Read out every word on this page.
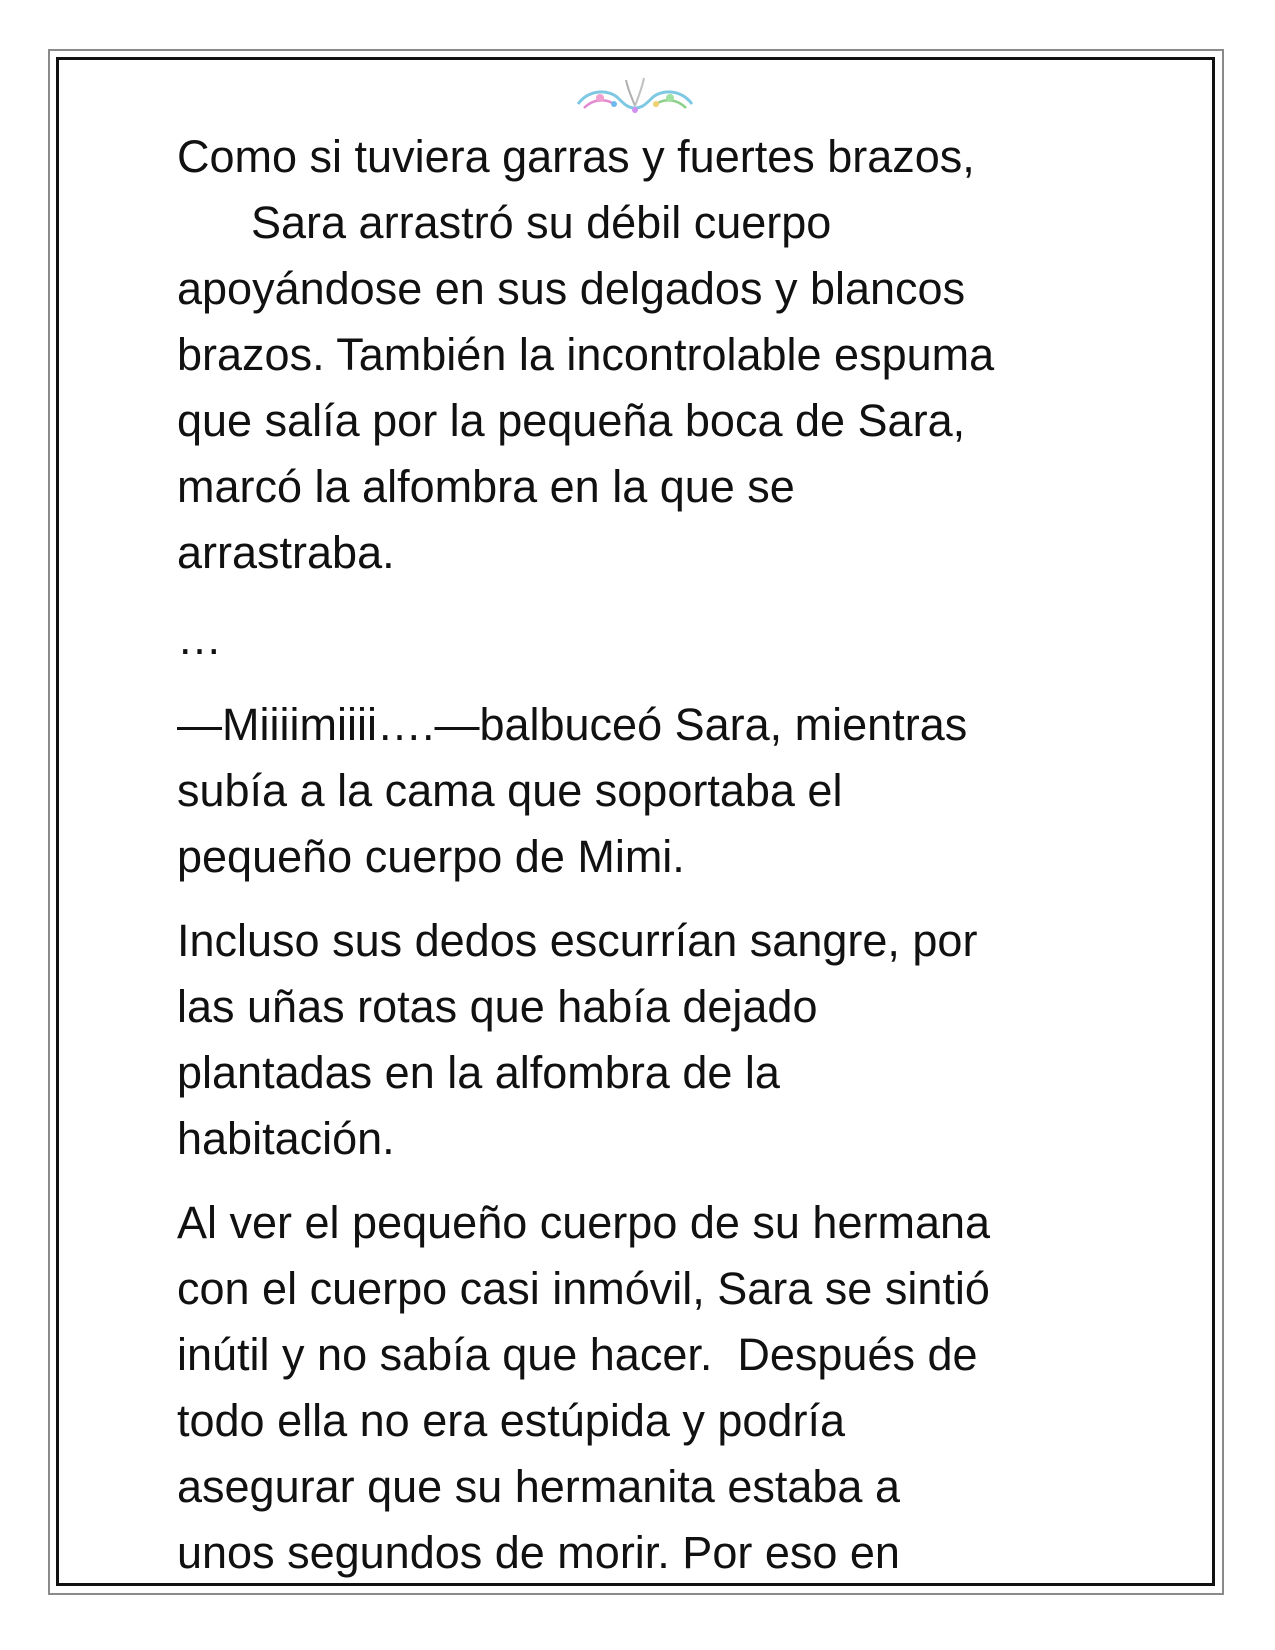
Como si tuviera garras y fuertes brazos,
Sara arrastró su débil cuerpo
apoyándose en sus delgados y blancos
brazos. También la incontrolable espuma
que salía por la pequeña boca de Sara,
marcó la alfombra en la que se
arrastraba.

…

—Miiiimiiii….—balbuceó Sara, mientras
subía a la cama que soportaba el
pequeño cuerpo de Mimi.

Incluso sus dedos escurrían sangre, por
las uñas rotas que había dejado
plantadas en la alfombra de la
habitación.

Al ver el pequeño cuerpo de su hermana
con el cuerpo casi inmóvil, Sara se sintió
inútil y no sabía que hacer.  Después de
todo ella no era estúpida y podría
asegurar que su hermanita estaba a
unos segundos de morir. Por eso en
